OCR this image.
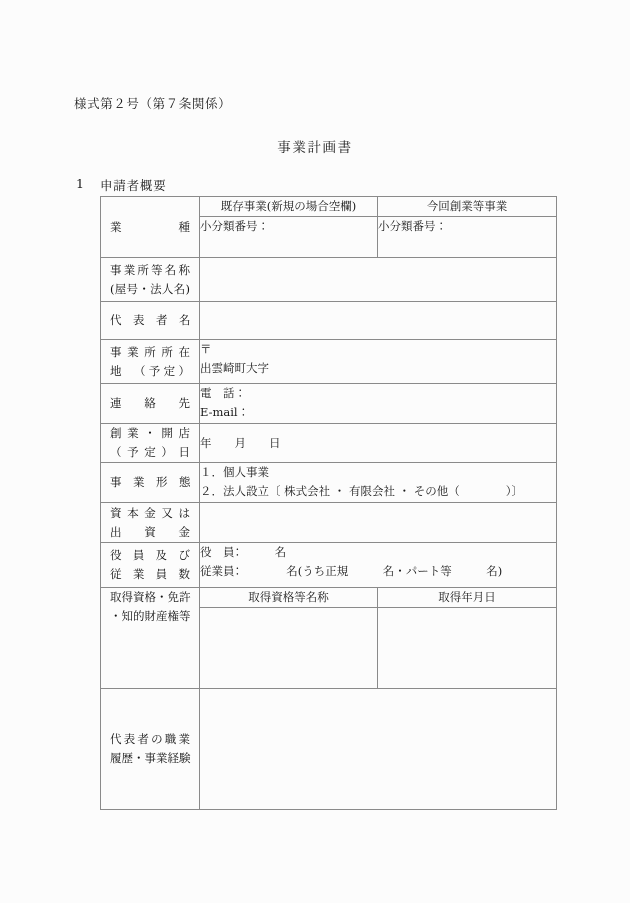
様式第２号（第７条関係）
事業計画書
1 申請者概要
業　　種	既存事業(新規の場合空欄)	今回創業等事業
	小分類番号：	小分類番号：

事業所等名称
(屋号・法人名)		

代　表　者　名		

事業所所在
地　（予定）	〒
出雲崎町大字	

連　絡　先	電　話：
E-mail：	

創業・開店
（予定）日	年　　月　　日	

事　業　形　態	１．個人事業
２．法人設立〔 株式会社 ・ 有限会社 ・ その他（　　　　）〕	

資本金又は
出　資　金		

役員及び
従業員数	役　員：　　　名
従業員：　　　　名(うち正規　　　名・パート等　　　名)	

取得資格・免許
・知的財産権等	取得資格等名称	取得年月日

代表者の職業
履歴・事業経験		
